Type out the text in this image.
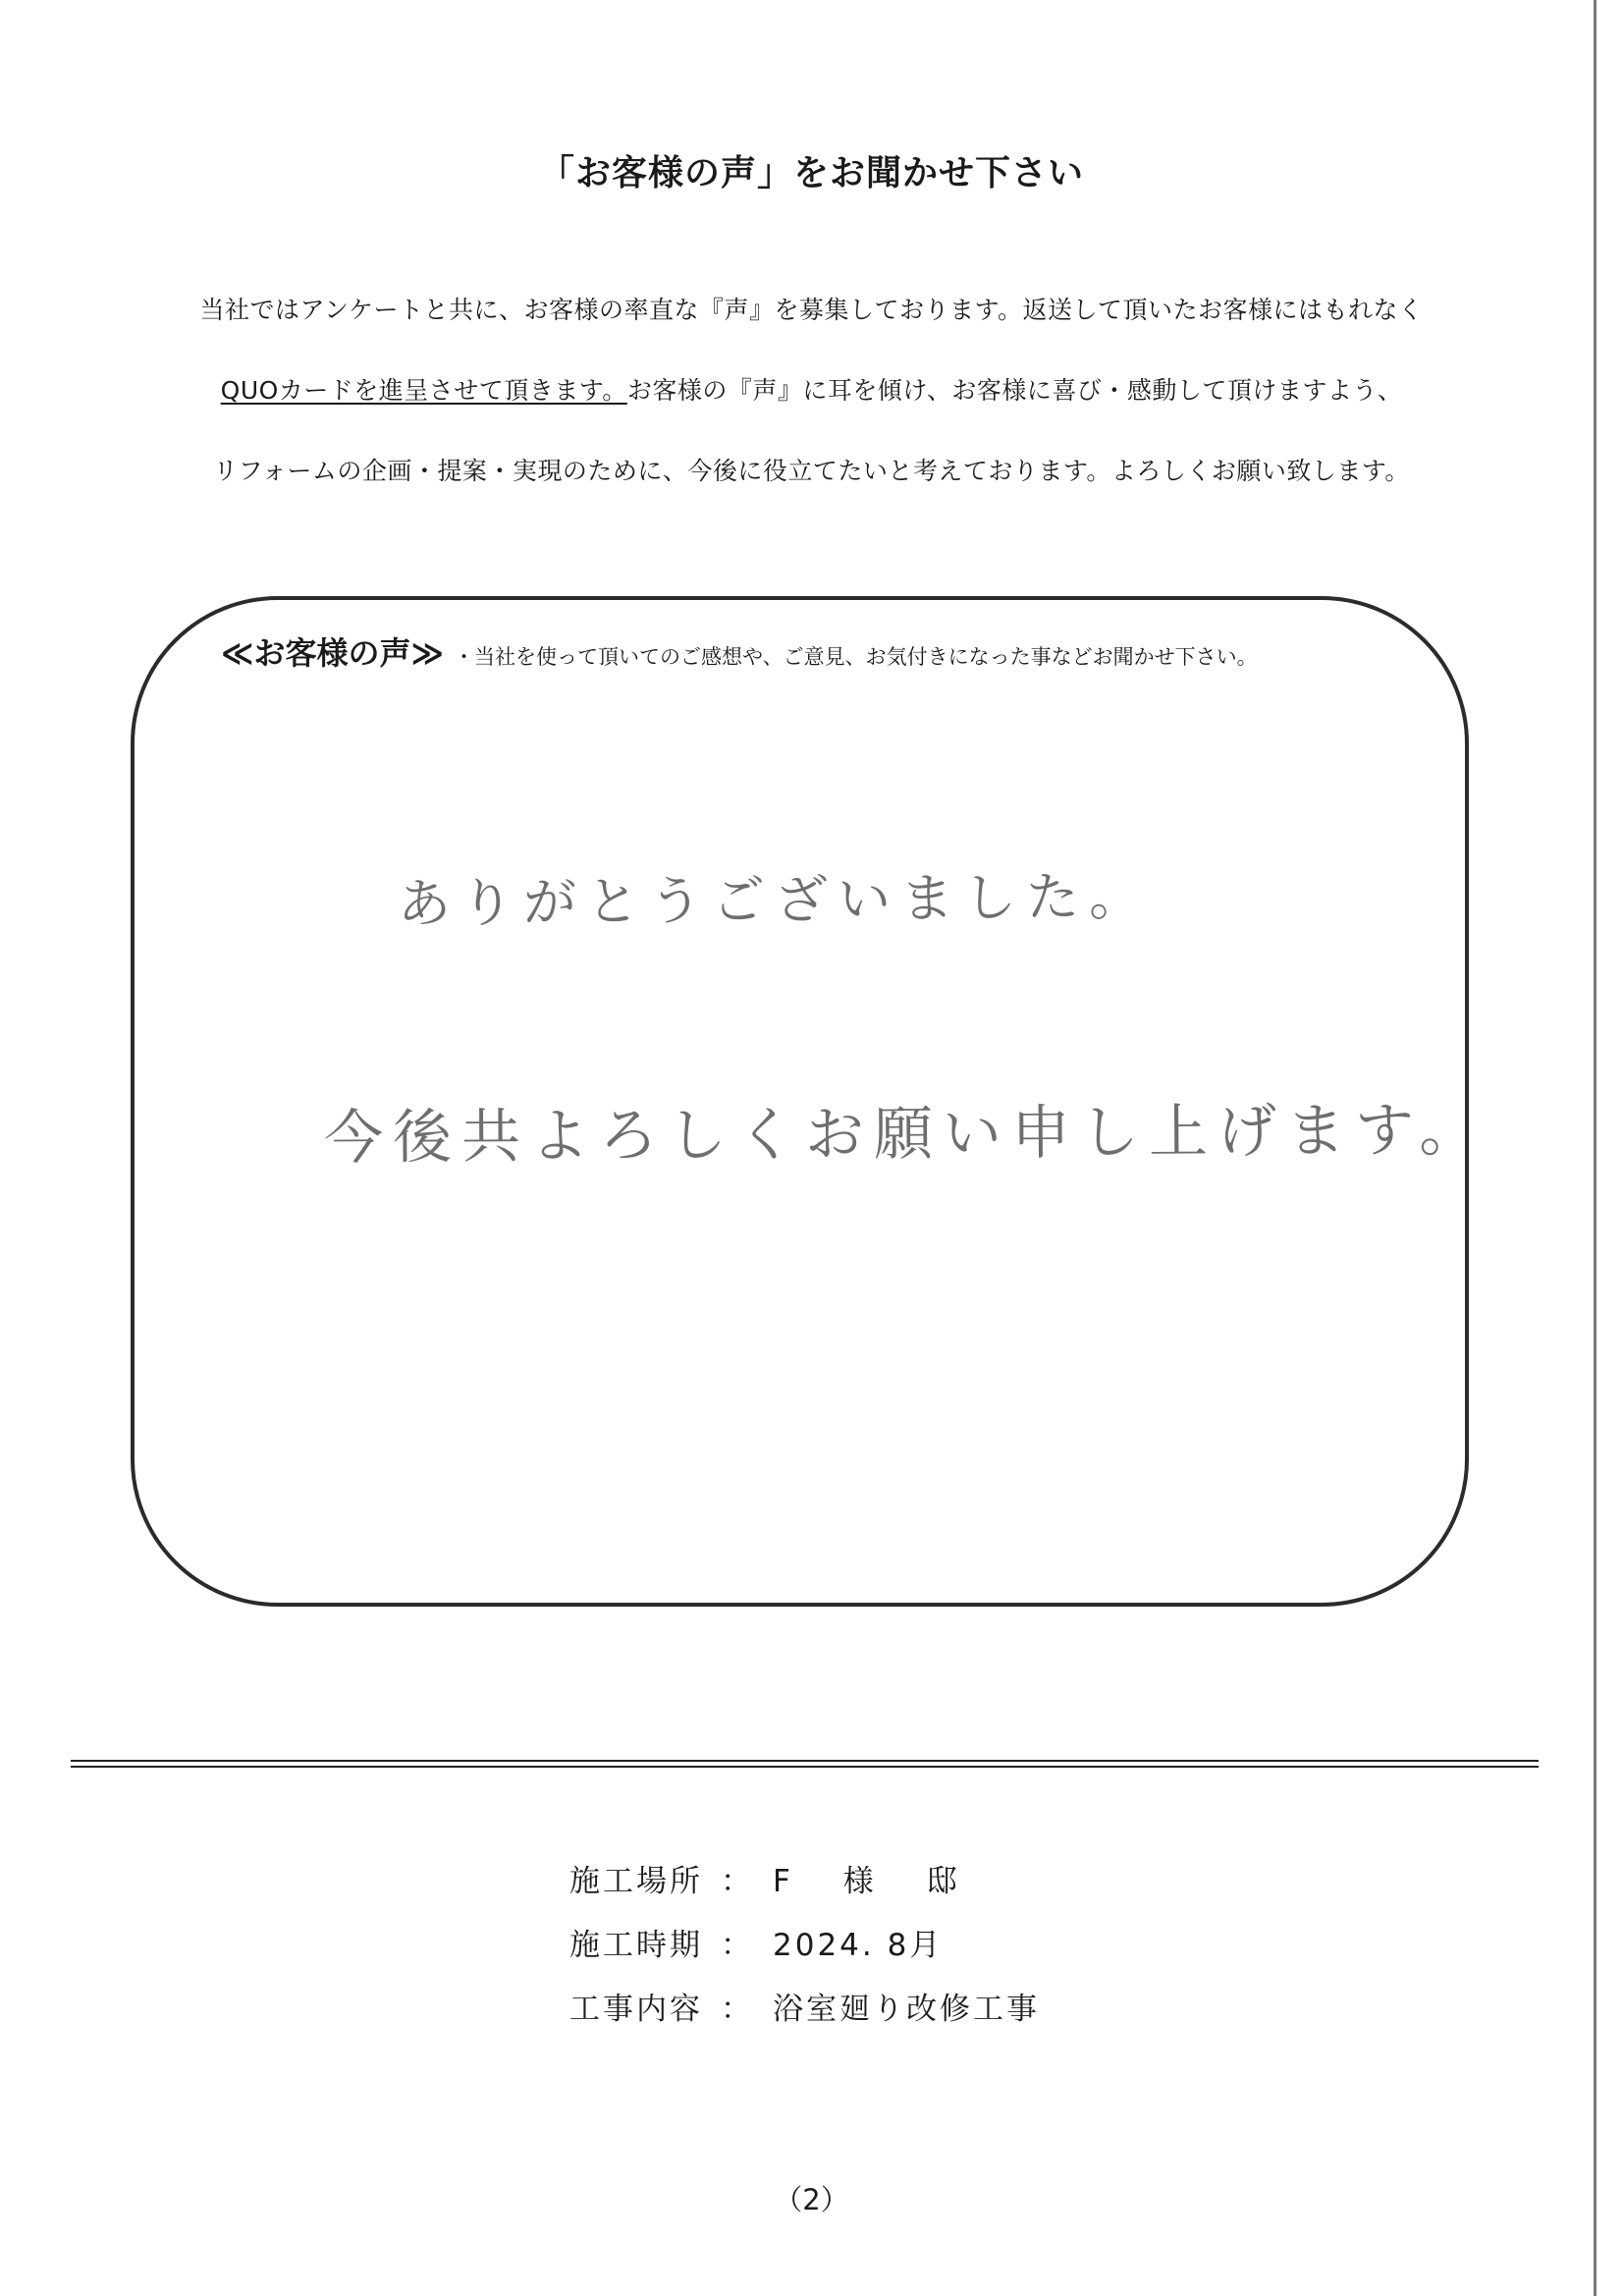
「お客様の声」をお聞かせ下さい
当社ではアンケートと共に、お客様の率直な『声』を募集しております。返送して頂いたお客様にはもれなく
QUOカードを進呈させて頂きます。お客様の『声』に耳を傾け、お客様に喜び・感動して頂けますよう、
リフォームの企画・提案・実現のために、今後に役立てたいと考えております。よろしくお願い致します。
≪お客様の声≫ ・当社を使って頂いてのご感想や、ご意見、お気付きになった事などお聞かせ下さい。
ありがとうございました。
今後共よろしくお願い申し上げます。
施工場所 ： F 様 邸
施工時期 ： 2024. 8月
工事内容 ： 浴室廻り改修工事
（2）
